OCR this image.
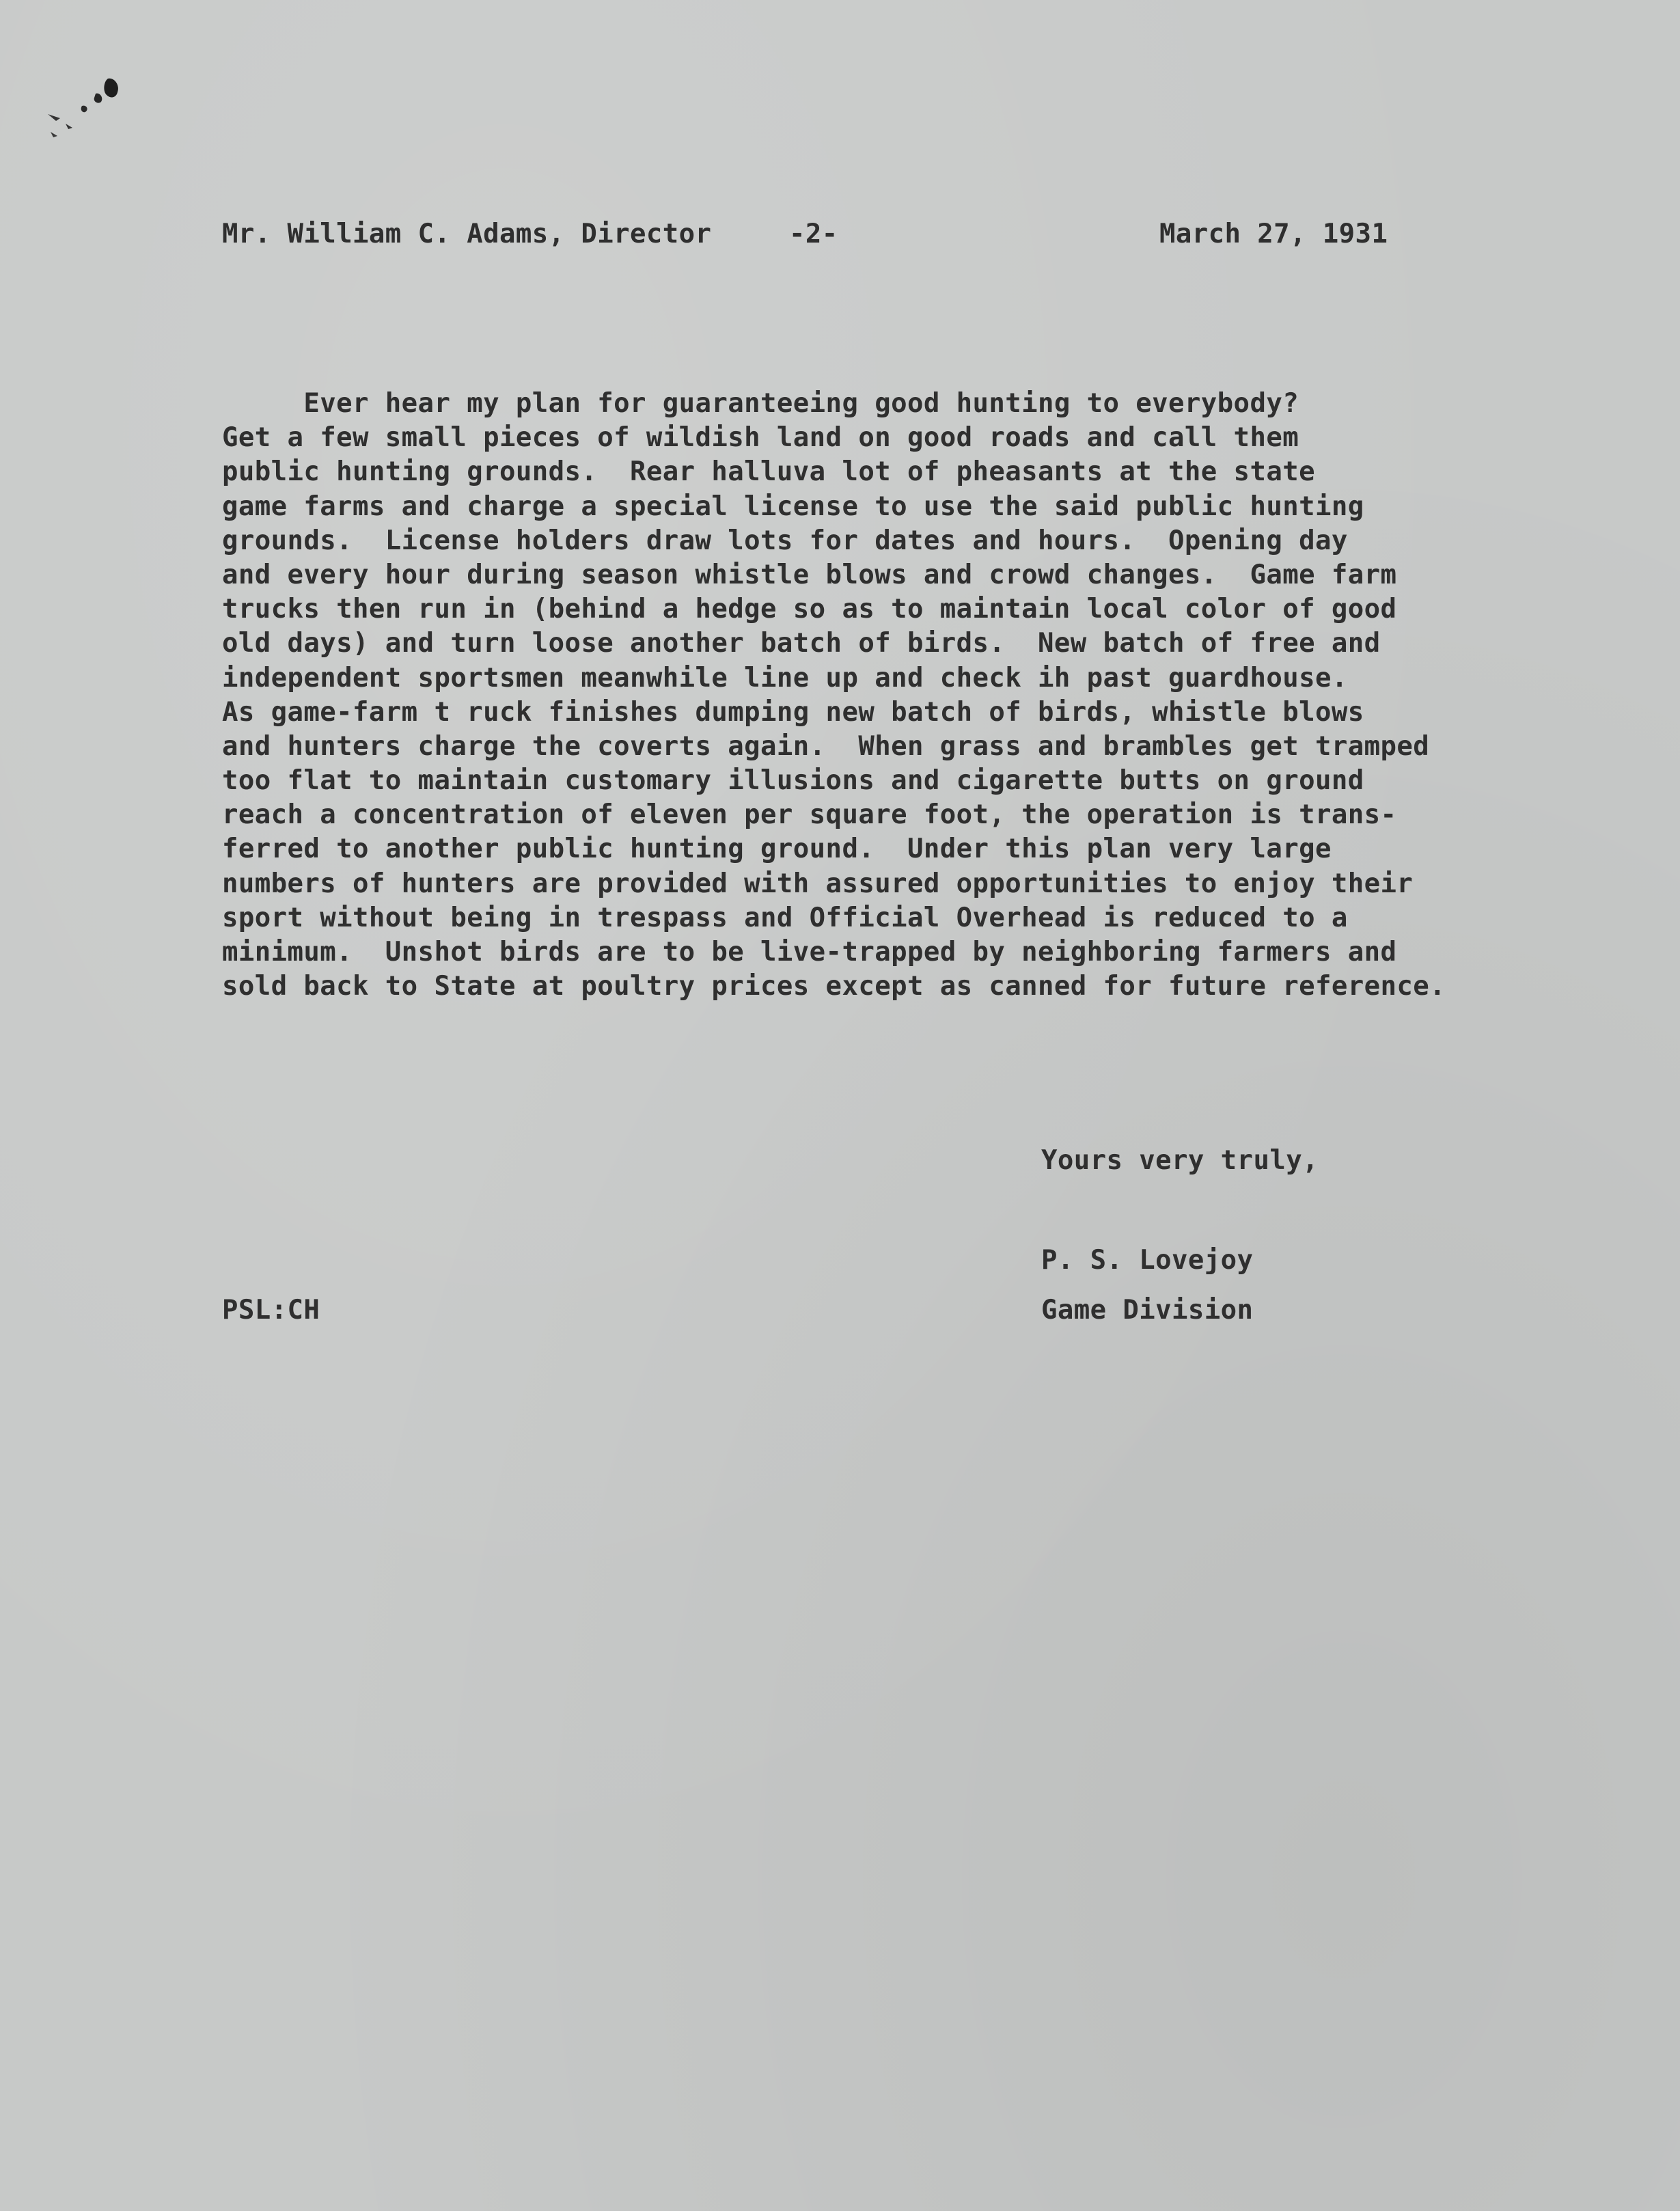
Mr. William C. Adams, Director	-2-	March 27, 1931
Ever hear my plan for guaranteeing good hunting to everybody?
Get a few small pieces of wildish land on good roads and call them
public hunting grounds.  Rear halluva lot of pheasants at the state
game farms and charge a special license to use the said public hunting
grounds.  License holders draw lots for dates and hours.  Opening day
and every hour during season whistle blows and crowd changes.  Game farm
trucks then run in (behind a hedge so as to maintain local color of good
old days) and turn loose another batch of birds.  New batch of free and
independent sportsmen meanwhile line up and check ih past guardhouse.
As game-farm t ruck finishes dumping new batch of birds, whistle blows
and hunters charge the coverts again.  When grass and brambles get tramped
too flat to maintain customary illusions and cigarette butts on ground
reach a concentration of eleven per square foot, the operation is trans-
ferred to another public hunting ground.  Under this plan very large
numbers of hunters are provided with assured opportunities to enjoy their
sport without being in trespass and Official Overhead is reduced to a
minimum.  Unshot birds are to be live-trapped by neighboring farmers and
sold back to State at poultry prices except as canned for future reference.
Yours very truly,
P. S. Lovejoy
Game Division
PSL:CH
